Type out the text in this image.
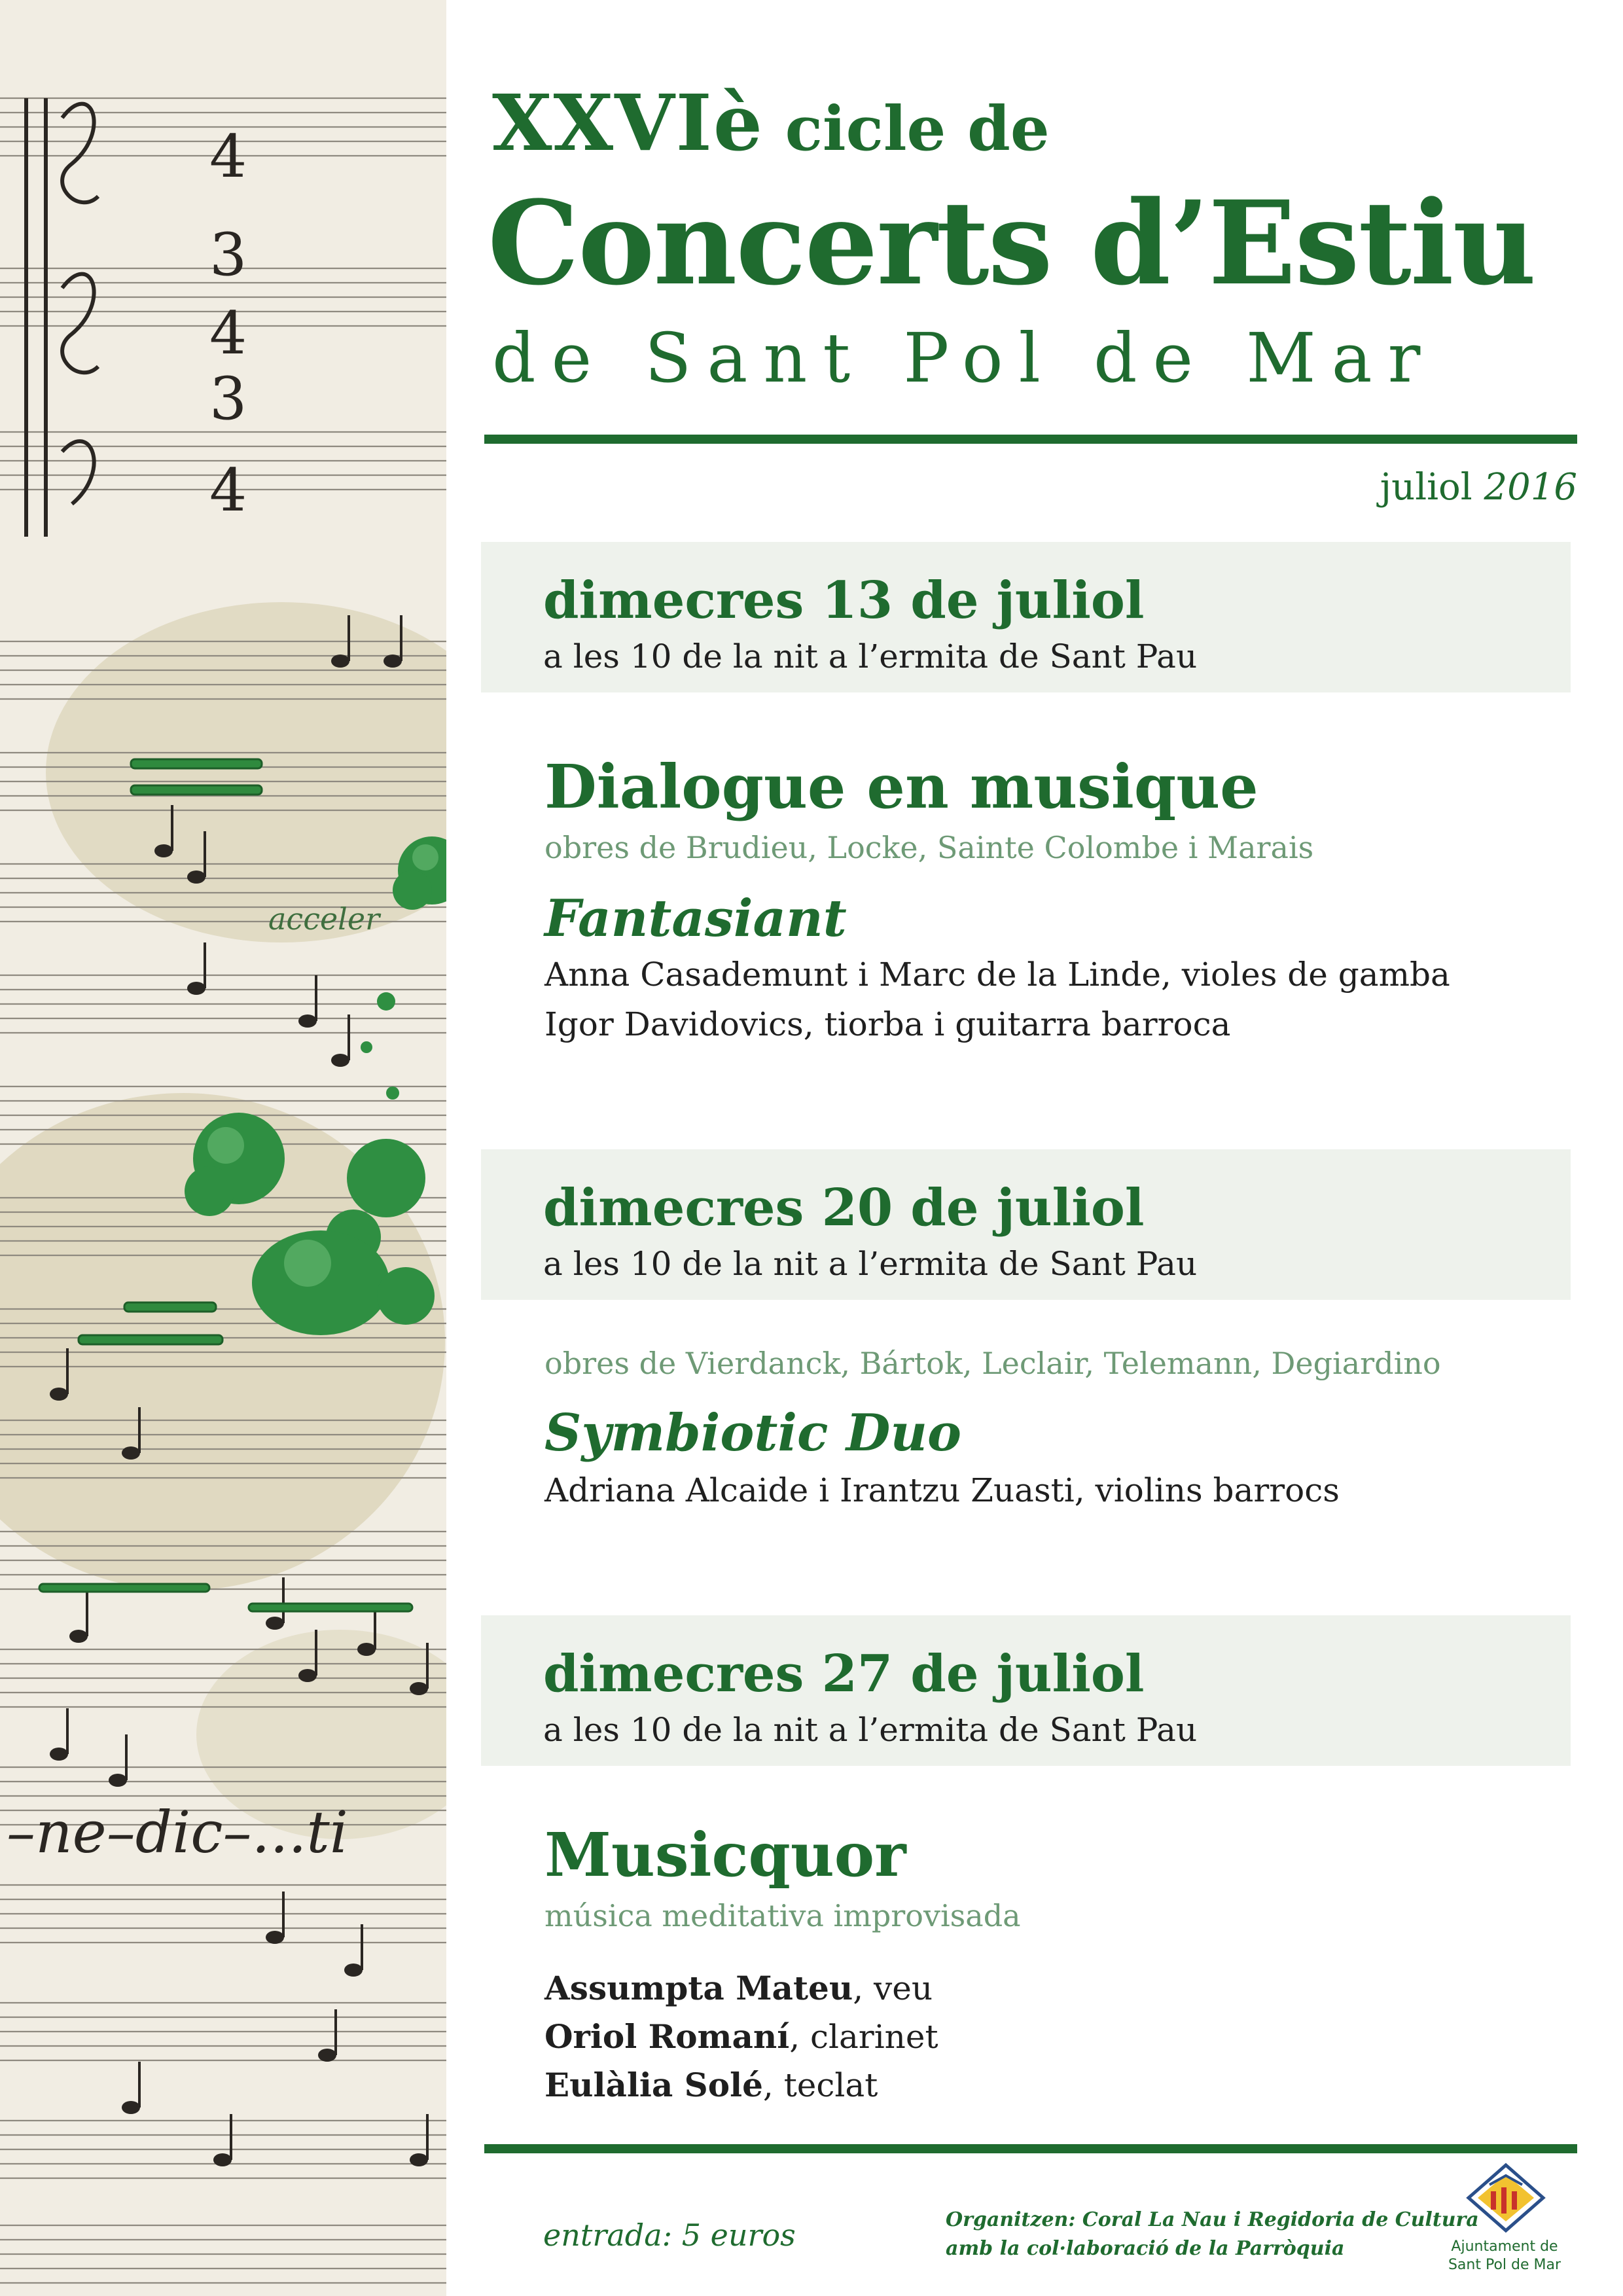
4
3
4
3
4
acceler
–ne–dic–...ti
XXVIè cicle de
Concerts d’Estiu

de Sant Pol de Mar

juliol 2016

dimecres 13 de juliol

a les 10 de la nit a l’ermita de Sant Pau

Dialogue en musique

obres de Brudieu, Locke, Sainte Colombe i Marais

Fantasiant

Anna Casademunt i Marc de la Linde, violes de gamba

Igor Davidovics, tiorba i guitarra barroca

dimecres 20 de juliol

a les 10 de la nit a l’ermita de Sant Pau

obres de Vierdanck, Bártok, Leclair, Telemann, Degiardino

Symbiotic Duo

Adriana Alcaide i Irantzu Zuasti, violins barrocs

dimecres 27 de juliol

a les 10 de la nit a l’ermita de Sant Pau

Musicquor

música meditativa improvisada

Assumpta Mateu, veu

Oriol Romaní, clarinet

Eulàlia Solé, teclat

entrada: 5 euros	Organitzen: Coral La Nau i Regidoria de Cultura

amb la col·laboració de la Parròquia	Ajuntament de
Sant Pol de Mar
